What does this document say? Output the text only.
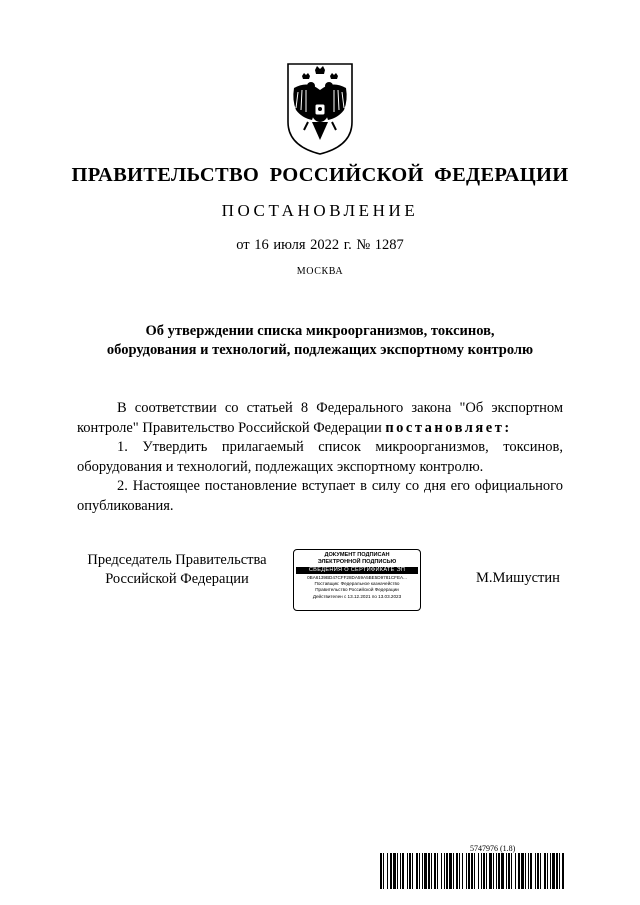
ПРАВИТЕЛЬСТВО РОССИЙСКОЙ ФЕДЕРАЦИИ
ПОСТАНОВЛЕНИЕ
от 16 июля 2022 г. № 1287
МОСКВА
Об утверждении списка микроорганизмов, токсинов,
оборудования и технологий, подлежащих экспортному контролю
В соответствии со статьей 8 Федерального закона "Об экспортном контроле" Правительство Российской Федерации постановляет:
1. Утвердить прилагаемый список микроорганизмов, токсинов, оборудования и технологий, подлежащих экспортному контролю.
2. Настоящее постановление вступает в силу со дня его официального опубликования.
Председатель Правительства
Российской Федерации
ДОКУМЕНТ ПОДПИСАН
ЭЛЕКТРОННОЙ ПОДПИСЬЮ
СВЕДЕНИЯ О СЕРТИФИКАТЕ ЭП
0BA6139BD47CFF28DA59A5BE5D9781CFEA...
Поставщик: Федеральное казначейство
Правительство Российской Федерации
Действителен с 13.12.2021 по 13.03.2023
М.Мишустин
5747976 (1.8)
